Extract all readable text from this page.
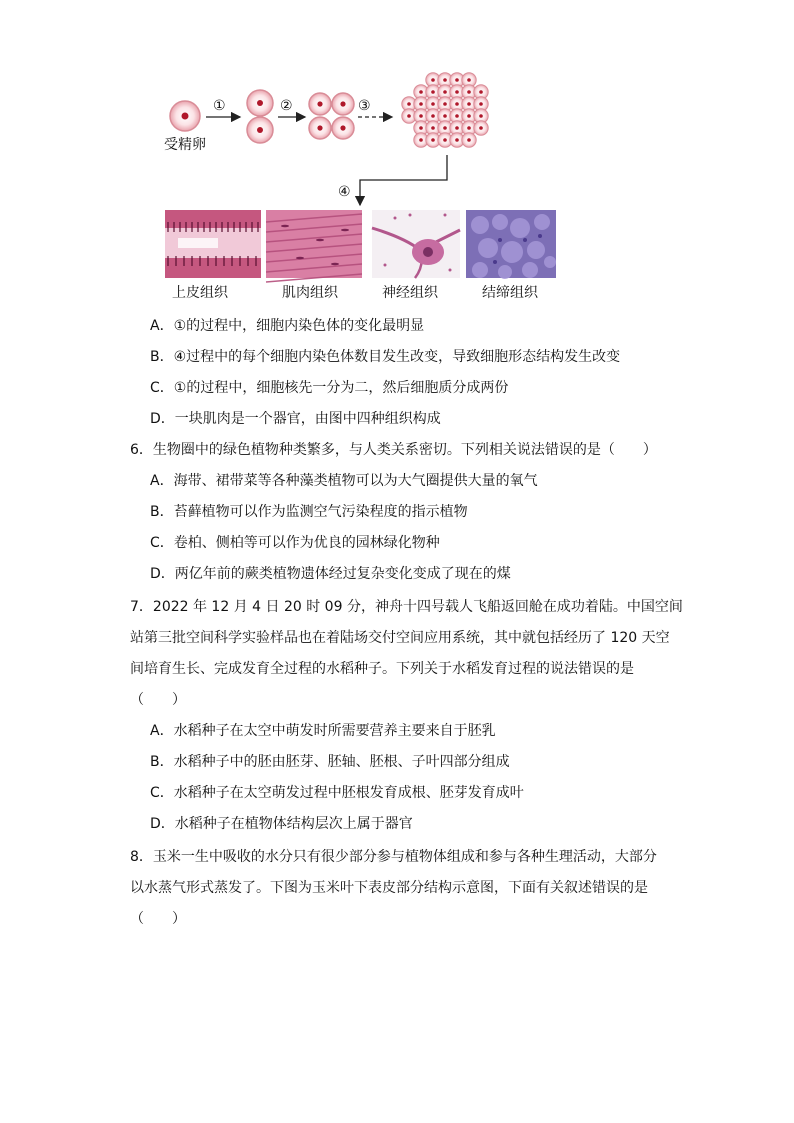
受精卵
①	②	③
④
上皮组织	肌肉组织	神经组织	结缔组织
A．①的过程中，细胞内染色体的变化最明显
B．④过程中的每个细胞内染色体数目发生改变，导致细胞形态结构发生改变
C．①的过程中，细胞核先一分为二，然后细胞质分成两份
D．一块肌肉是一个器官，由图中四种组织构成
6．生物圈中的绿色植物种类繁多，与人类关系密切。下列相关说法错误的是（　　）
A．海带、裙带菜等各种藻类植物可以为大气圈提供大量的氧气
B．苔藓植物可以作为监测空气污染程度的指示植物
C．卷柏、侧柏等可以作为优良的园林绿化物种
D．两亿年前的蕨类植物遗体经过复杂变化变成了现在的煤
7．2022 年 12 月 4 日 20 时 09 分，神舟十四号载人飞船返回舱在成功着陆。中国空间
站第三批空间科学实验样品也在着陆场交付空间应用系统，其中就包括经历了 120 天空
间培育生长、完成发育全过程的水稻种子。下列关于水稻发育过程的说法错误的是
（　　）
A．水稻种子在太空中萌发时所需要营养主要来自于胚乳
B．水稻种子中的胚由胚芽、胚轴、胚根、子叶四部分组成
C．水稻种子在太空萌发过程中胚根发育成根、胚芽发育成叶
D．水稻种子在植物体结构层次上属于器官
8．玉米一生中吸收的水分只有很少部分参与植物体组成和参与各种生理活动，大部分
以水蒸气形式蒸发了。下图为玉米叶下表皮部分结构示意图，下面有关叙述错误的是
（　　）
